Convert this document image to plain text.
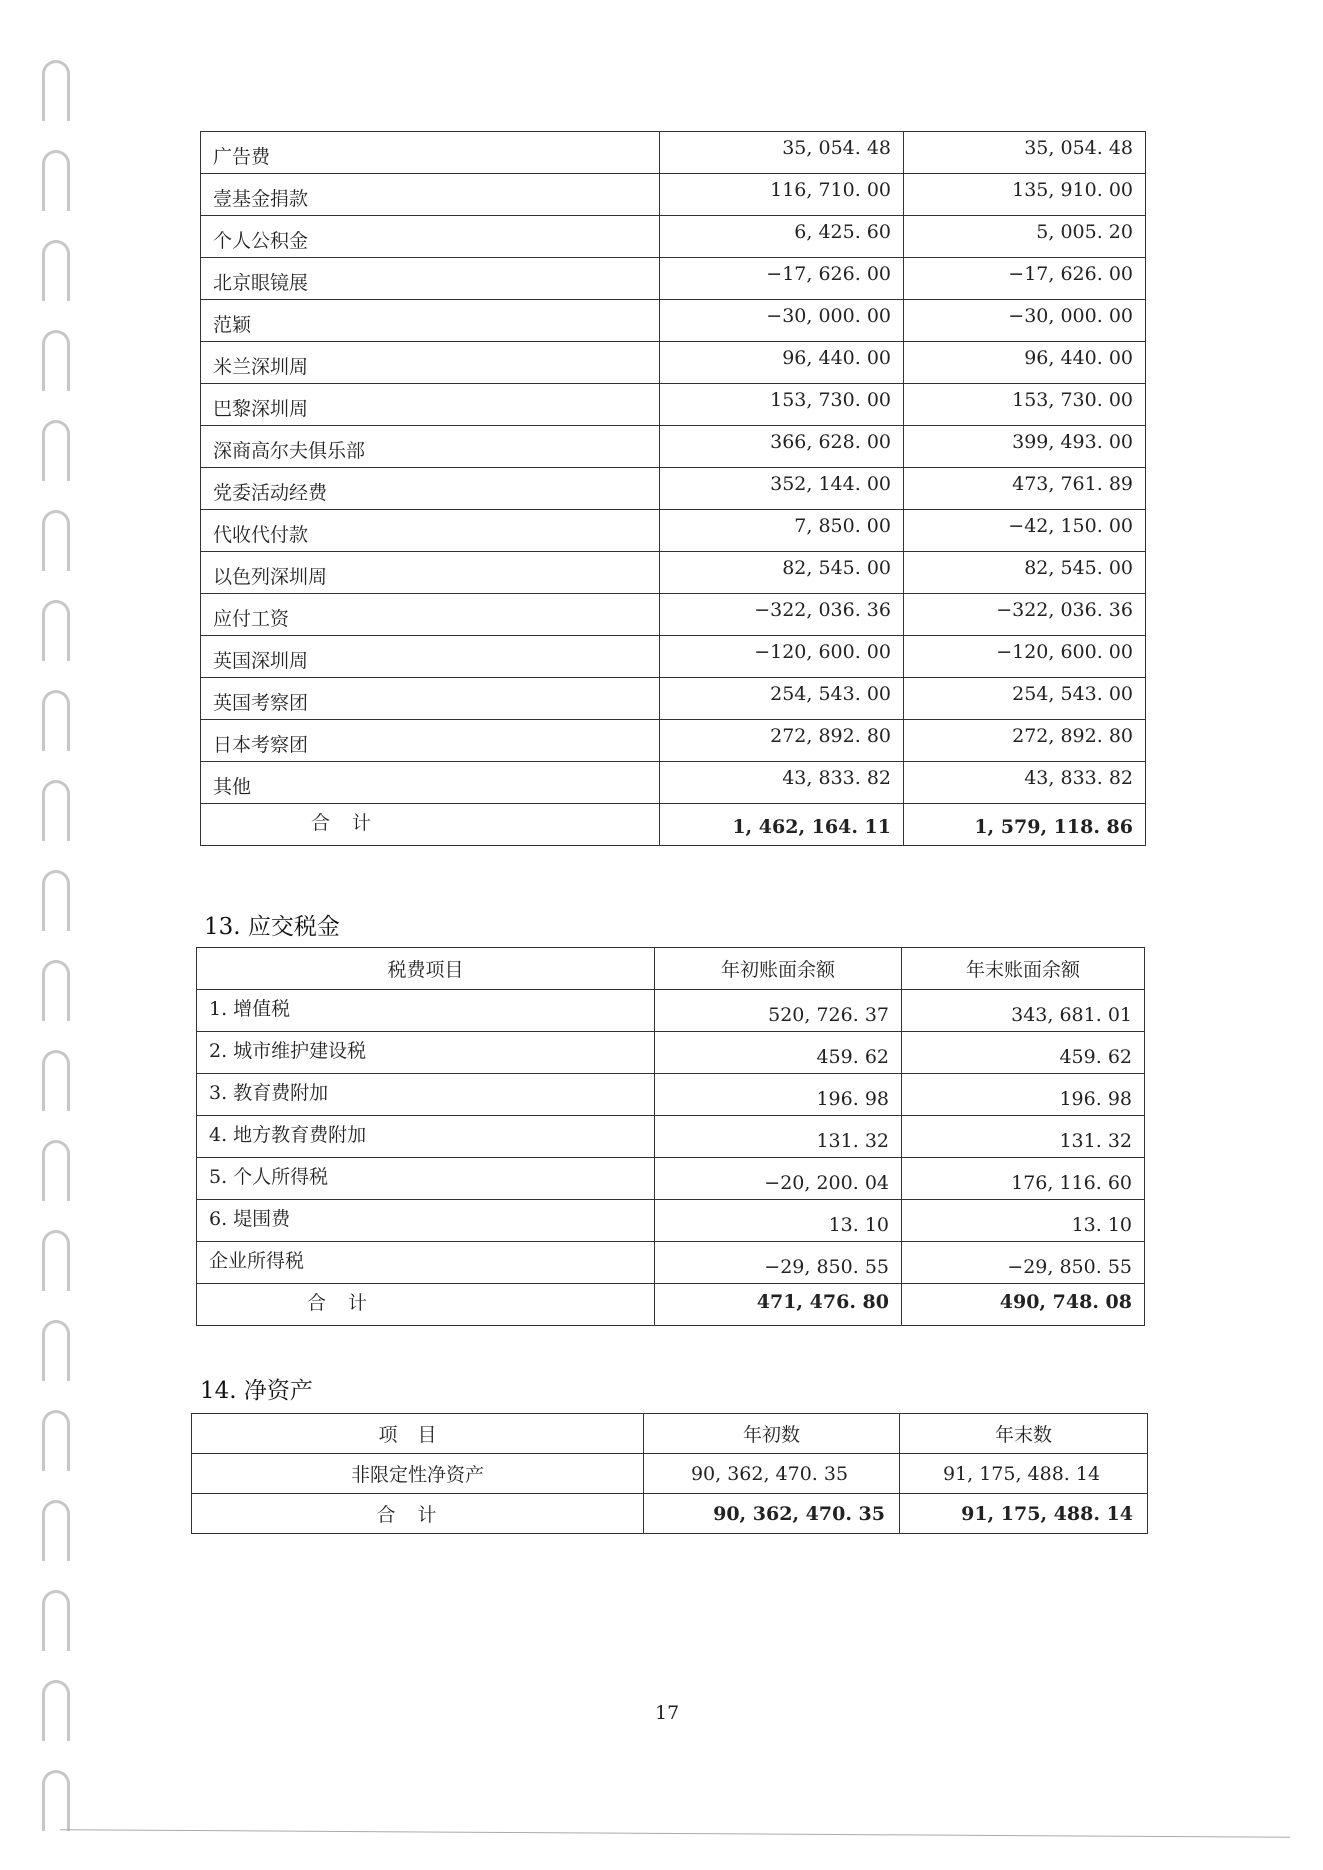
广告费	35, 054. 48	35, 054. 48
壹基金捐款	116, 710. 00	135, 910. 00
个人公积金	6, 425. 60	5, 005. 20
北京眼镜展	−17, 626. 00	−17, 626. 00
范颖	−30, 000. 00	−30, 000. 00
米兰深圳周	96, 440. 00	96, 440. 00
巴黎深圳周	153, 730. 00	153, 730. 00
深商高尔夫俱乐部	366, 628. 00	399, 493. 00
党委活动经费	352, 144. 00	473, 761. 89
代收代付款	7, 850. 00	−42, 150. 00
以色列深圳周	82, 545. 00	82, 545. 00
应付工资	−322, 036. 36	−322, 036. 36
英国深圳周	−120, 600. 00	−120, 600. 00
英国考察团	254, 543. 00	254, 543. 00
日本考察团	272, 892. 80	272, 892. 80
其他	43, 833. 82	43, 833. 82
合计	1, 462, 164. 11	1, 579, 118. 86
13. 应交税金
税费项目	年初账面余额	年末账面余额
1. 增值税	520, 726. 37	343, 681. 01
2. 城市维护建设税	459. 62	459. 62
3. 教育费附加	196. 98	196. 98
4. 地方教育费附加	131. 32	131. 32
5. 个人所得税	−20, 200. 04	176, 116. 60
6. 堤围费	13. 10	13. 10
企业所得税	−29, 850. 55	−29, 850. 55
合计	471, 476. 80	490, 748. 08
14. 净资产
项目	年初数	年末数
非限定性净资产	90, 362, 470. 35	91, 175, 488. 14
合计	90, 362, 470. 35	91, 175, 488. 14
17
